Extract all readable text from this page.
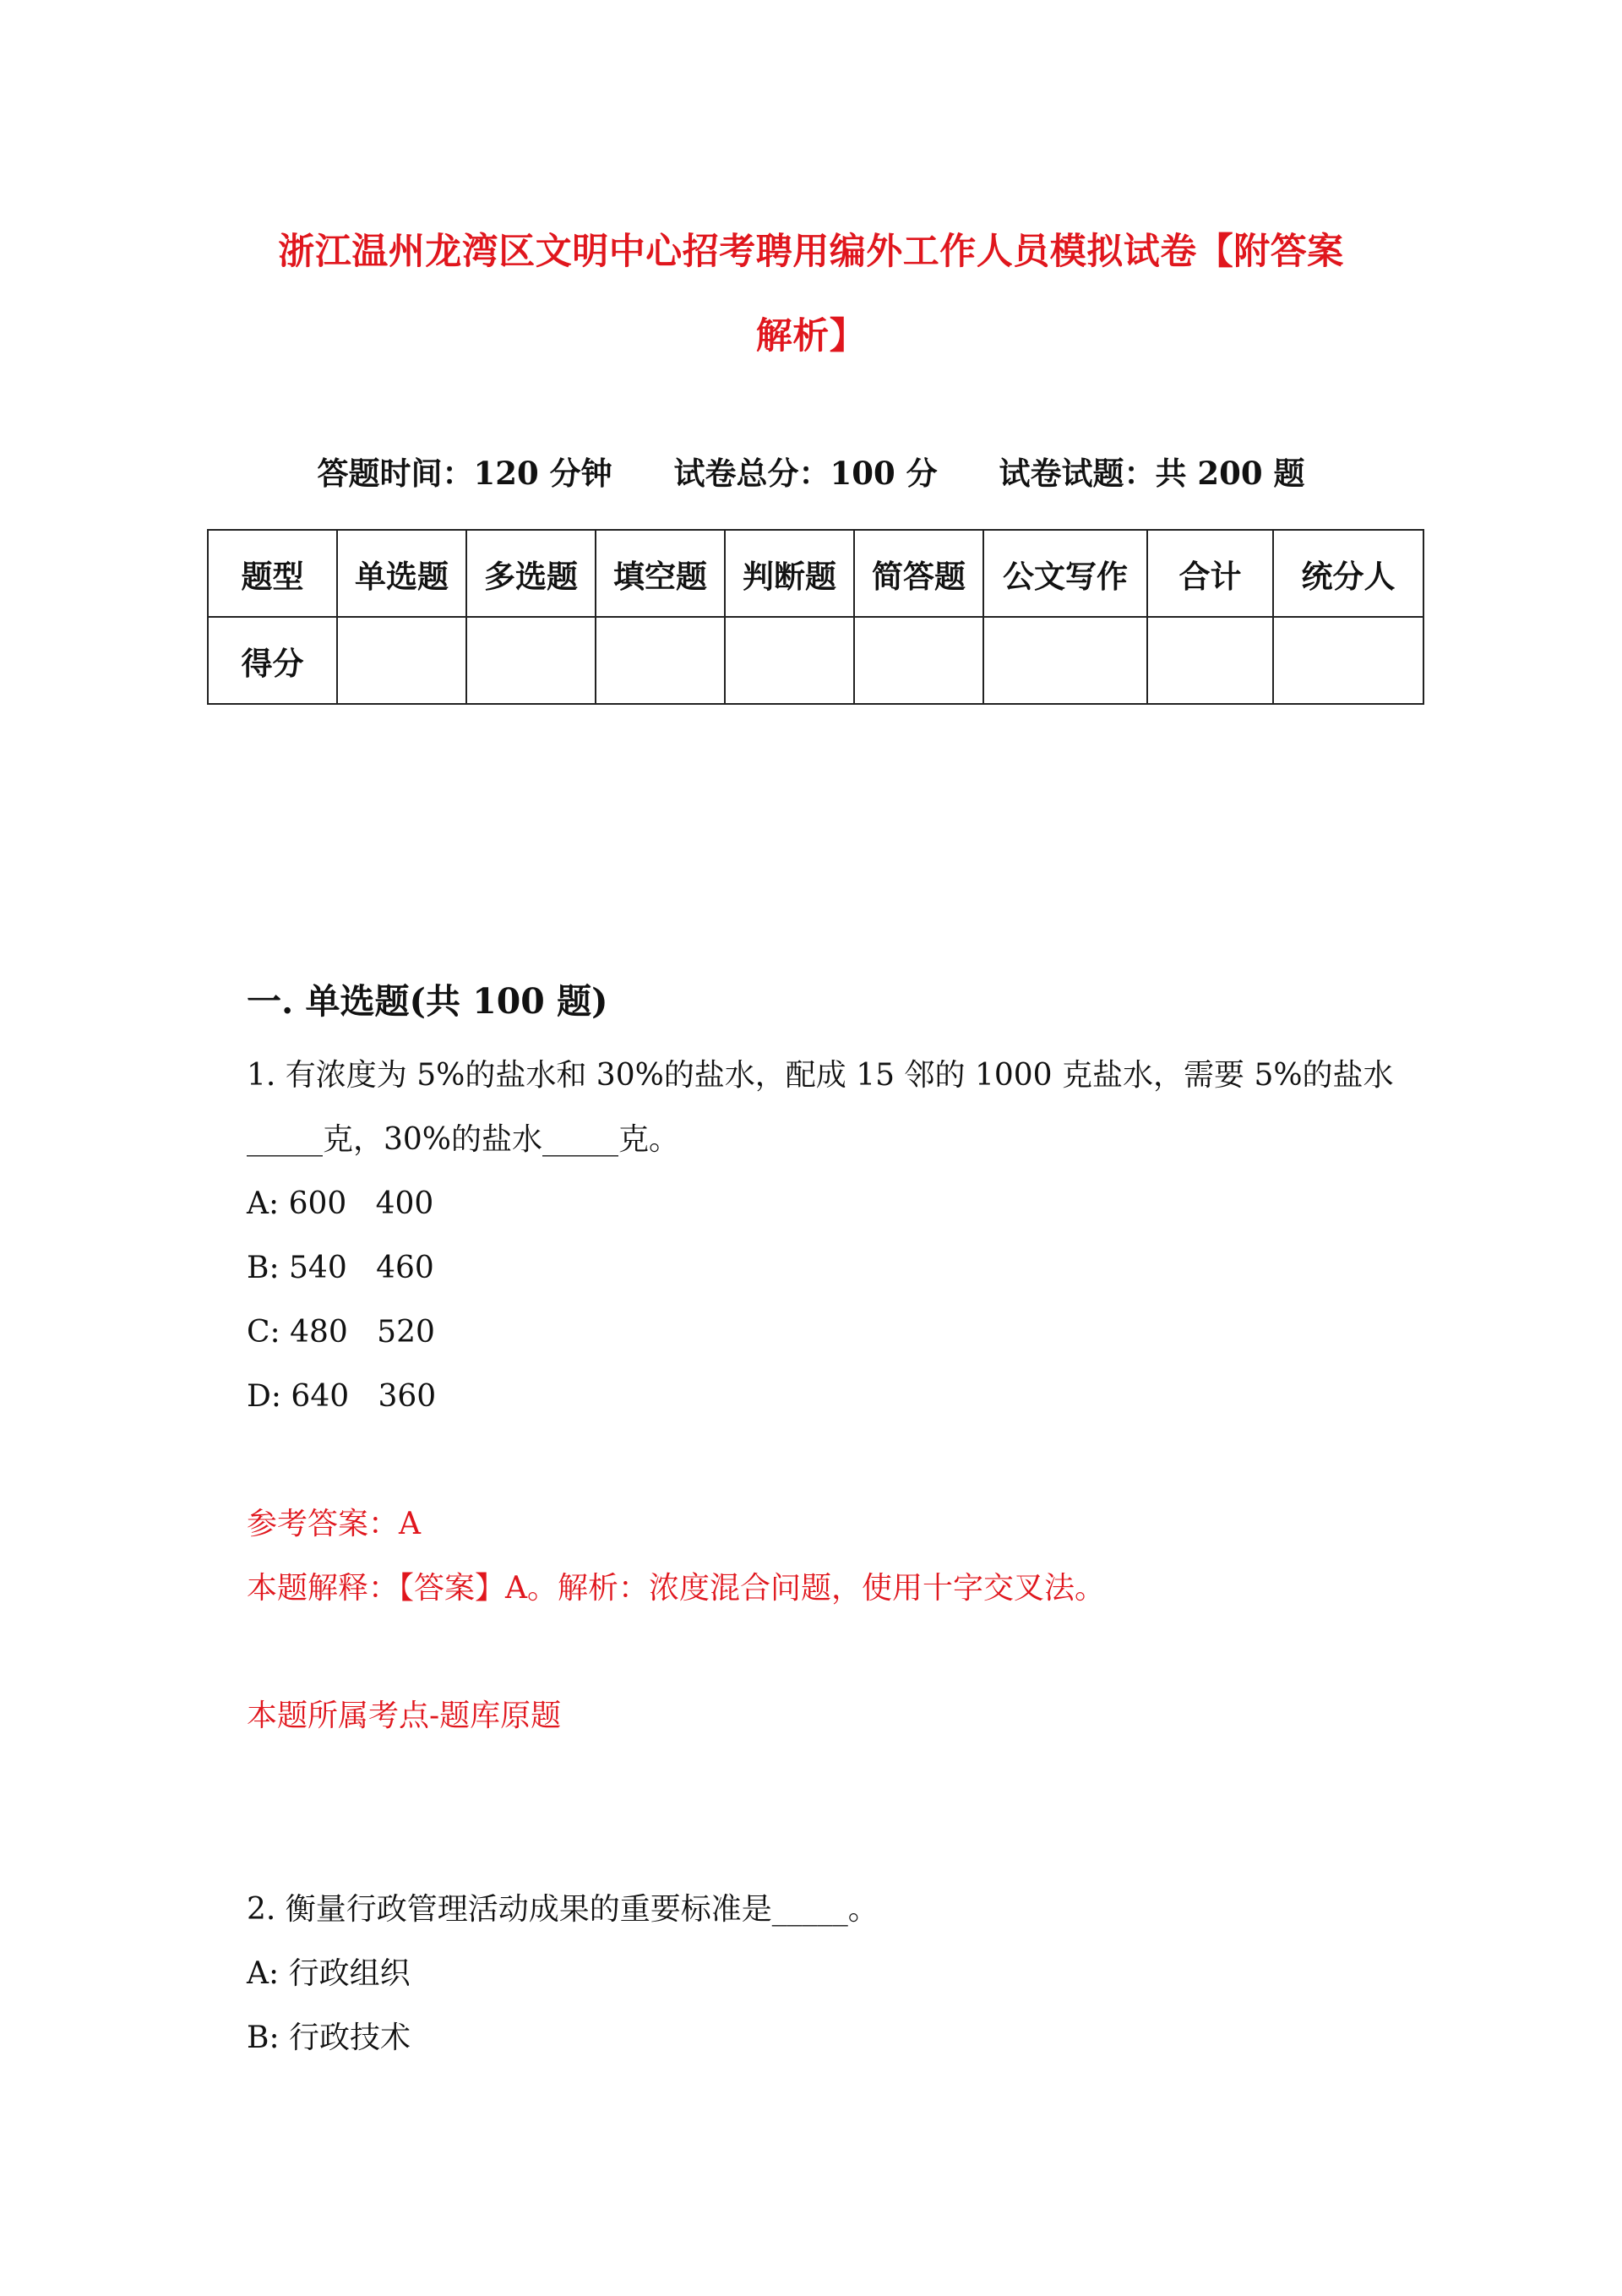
浙江温州龙湾区文明中心招考聘用编外工作人员模拟试卷【附答案
解析】
答题时间：120 分钟 试卷总分：100 分 试卷试题：共 200 题
题型	单选题	多选题	填空题	判断题	简答题	公文写作	合计	统分人
得分								
一. 单选题(共 100 题)
1. 有浓度为 5%的盐水和 30%的盐水，配成 15 邻的 1000 克盐水，需要 5%的盐水
_____克，30%的盐水_____克。
A: 600   400
B: 540   460
C: 480   520
D: 640   360
参考答案：A
本题解释：【答案】A。解析：浓度混合问题，使用十字交叉法。
本题所属考点-题库原题
2. 衡量行政管理活动成果的重要标准是_____。
A: 行政组织
B: 行政技术
